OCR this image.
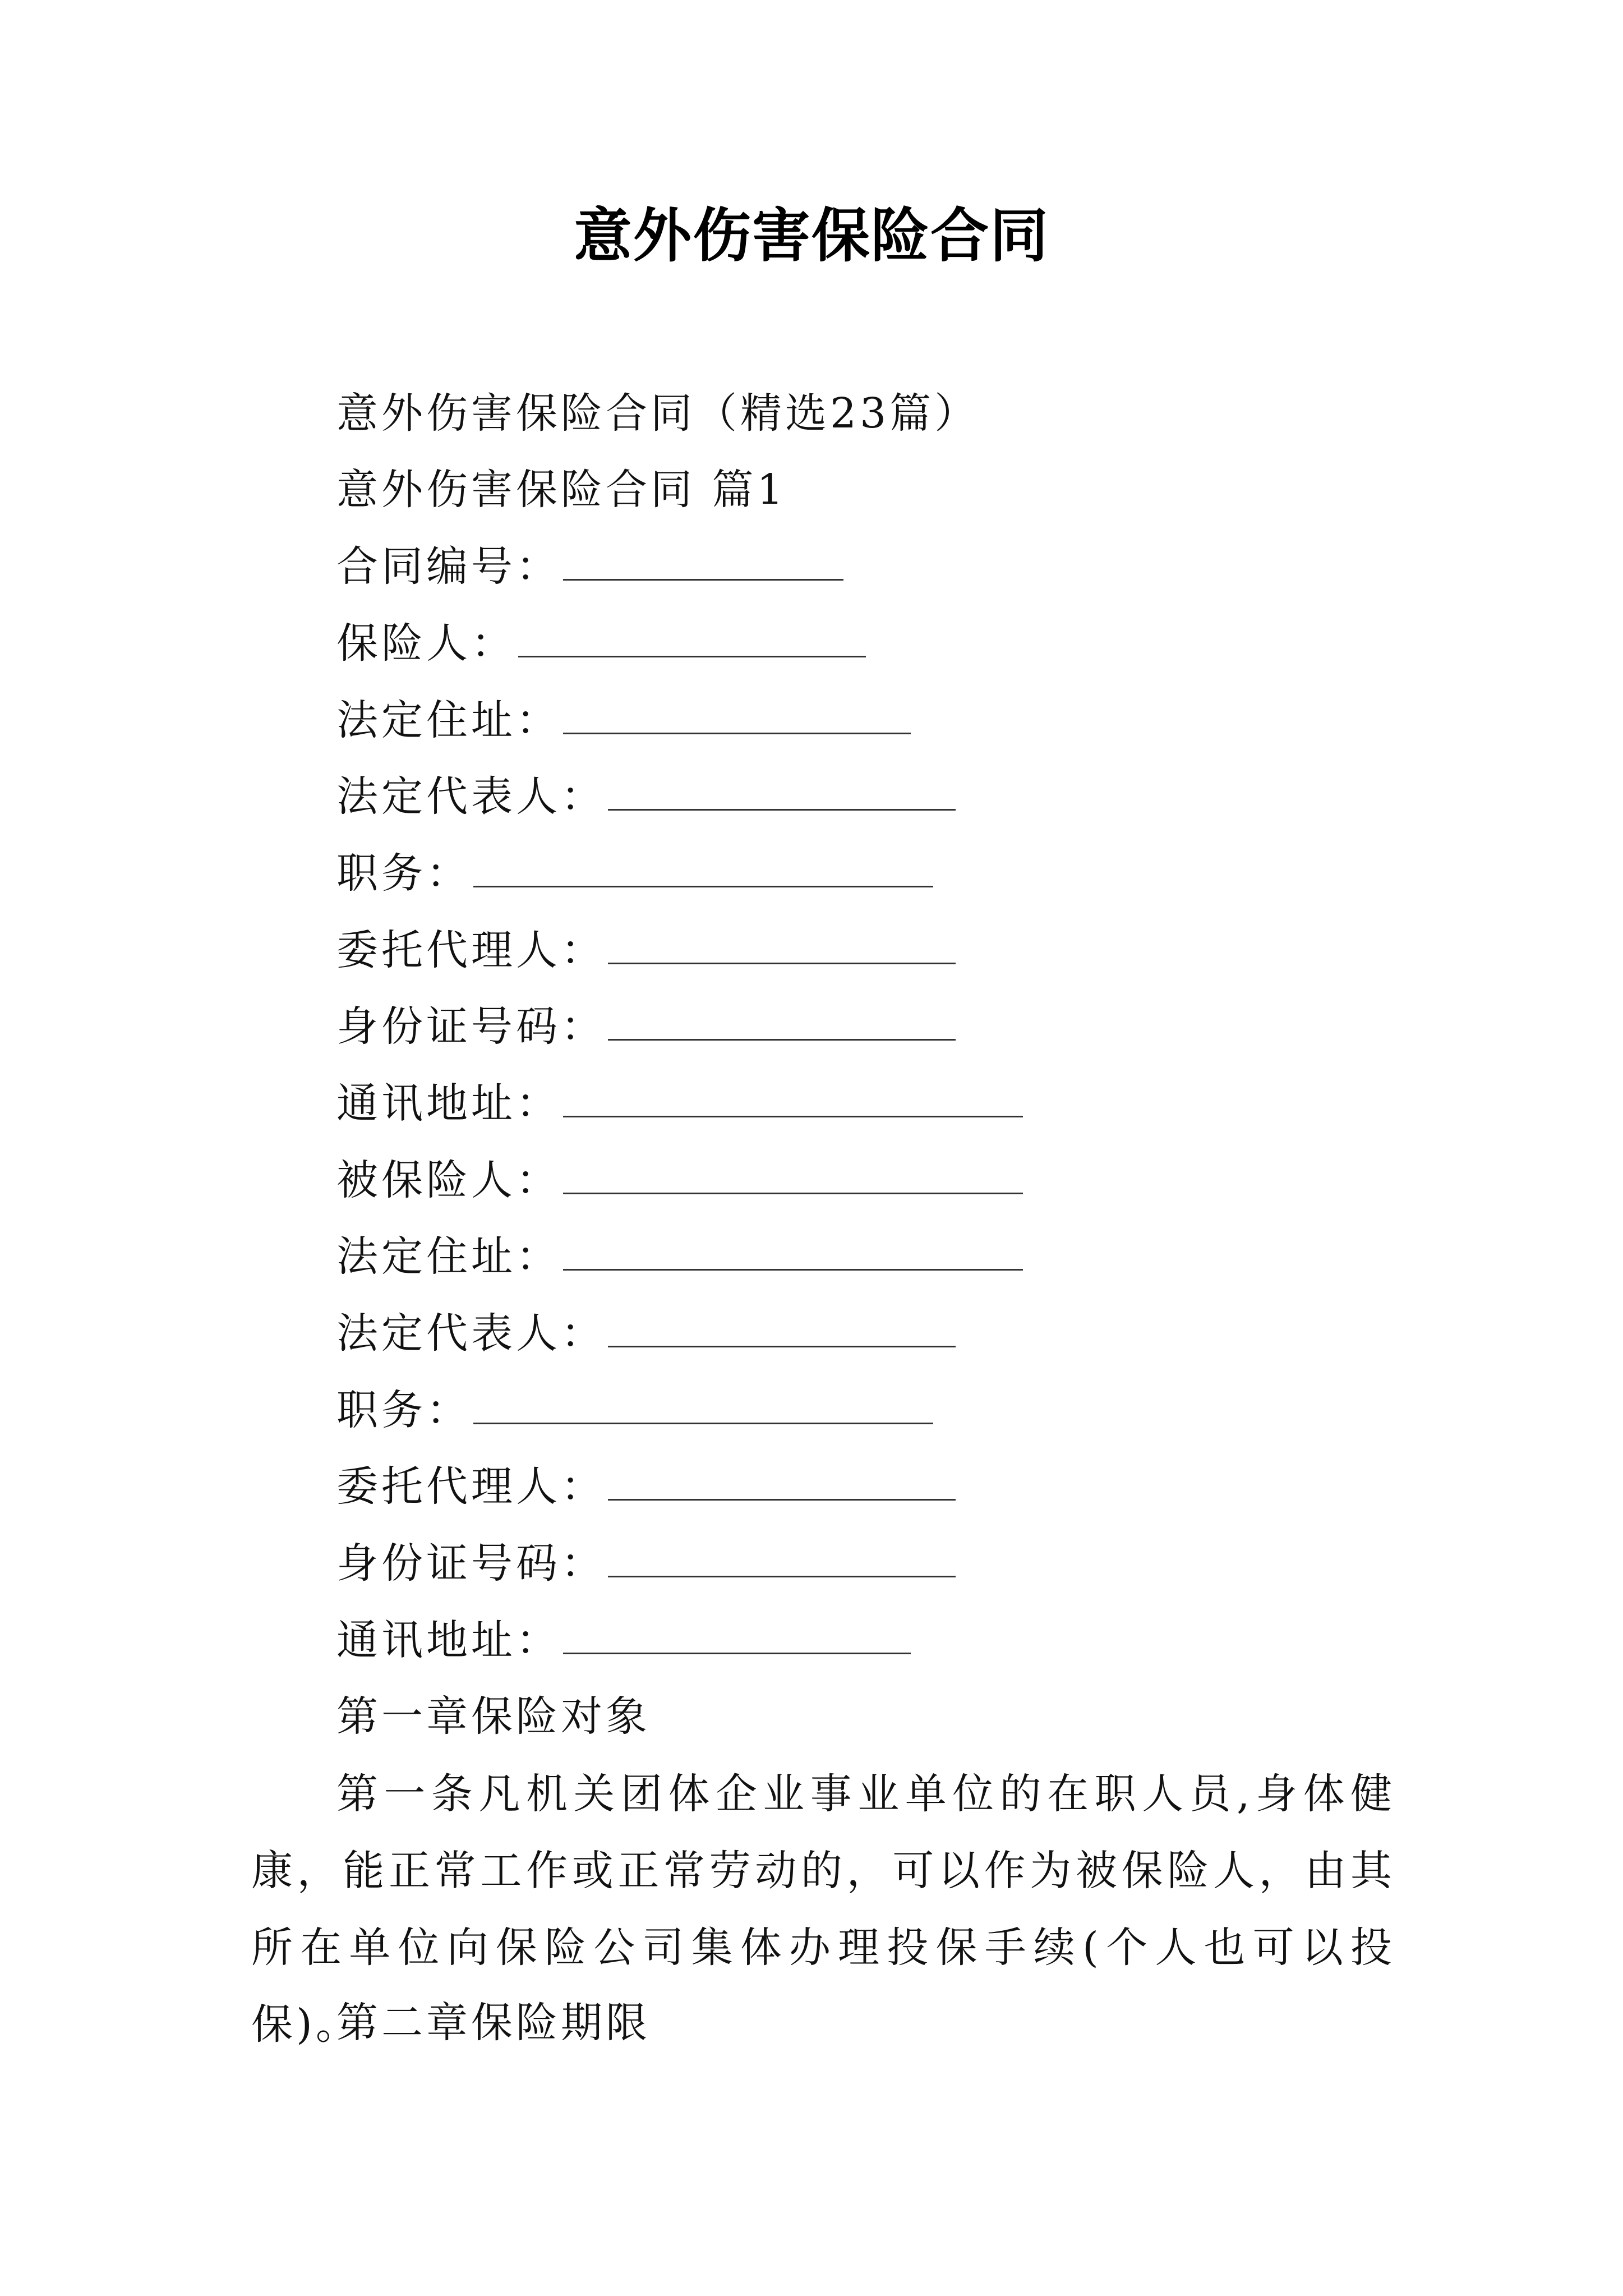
意外伤害保险合同
意外伤害保险合同（精选23篇）
意外伤害保险合同 篇1
合同编号：
保险人：
法定住址：
法定代表人：
职务：
委托代理人：
身份证号码：
通讯地址：
被保险人：
法定住址：
法定代表人：
职务：
委托代理人：
身份证号码：
通讯地址：
第一章保险对象
第一条凡机关团体企业事业单位的在职人员,身体健康，能正常工作或正常劳动的，可以作为被保险人，由其所在单位向保险公司集体办理投保手续(个人也可以投保)。
第二章保险期限
